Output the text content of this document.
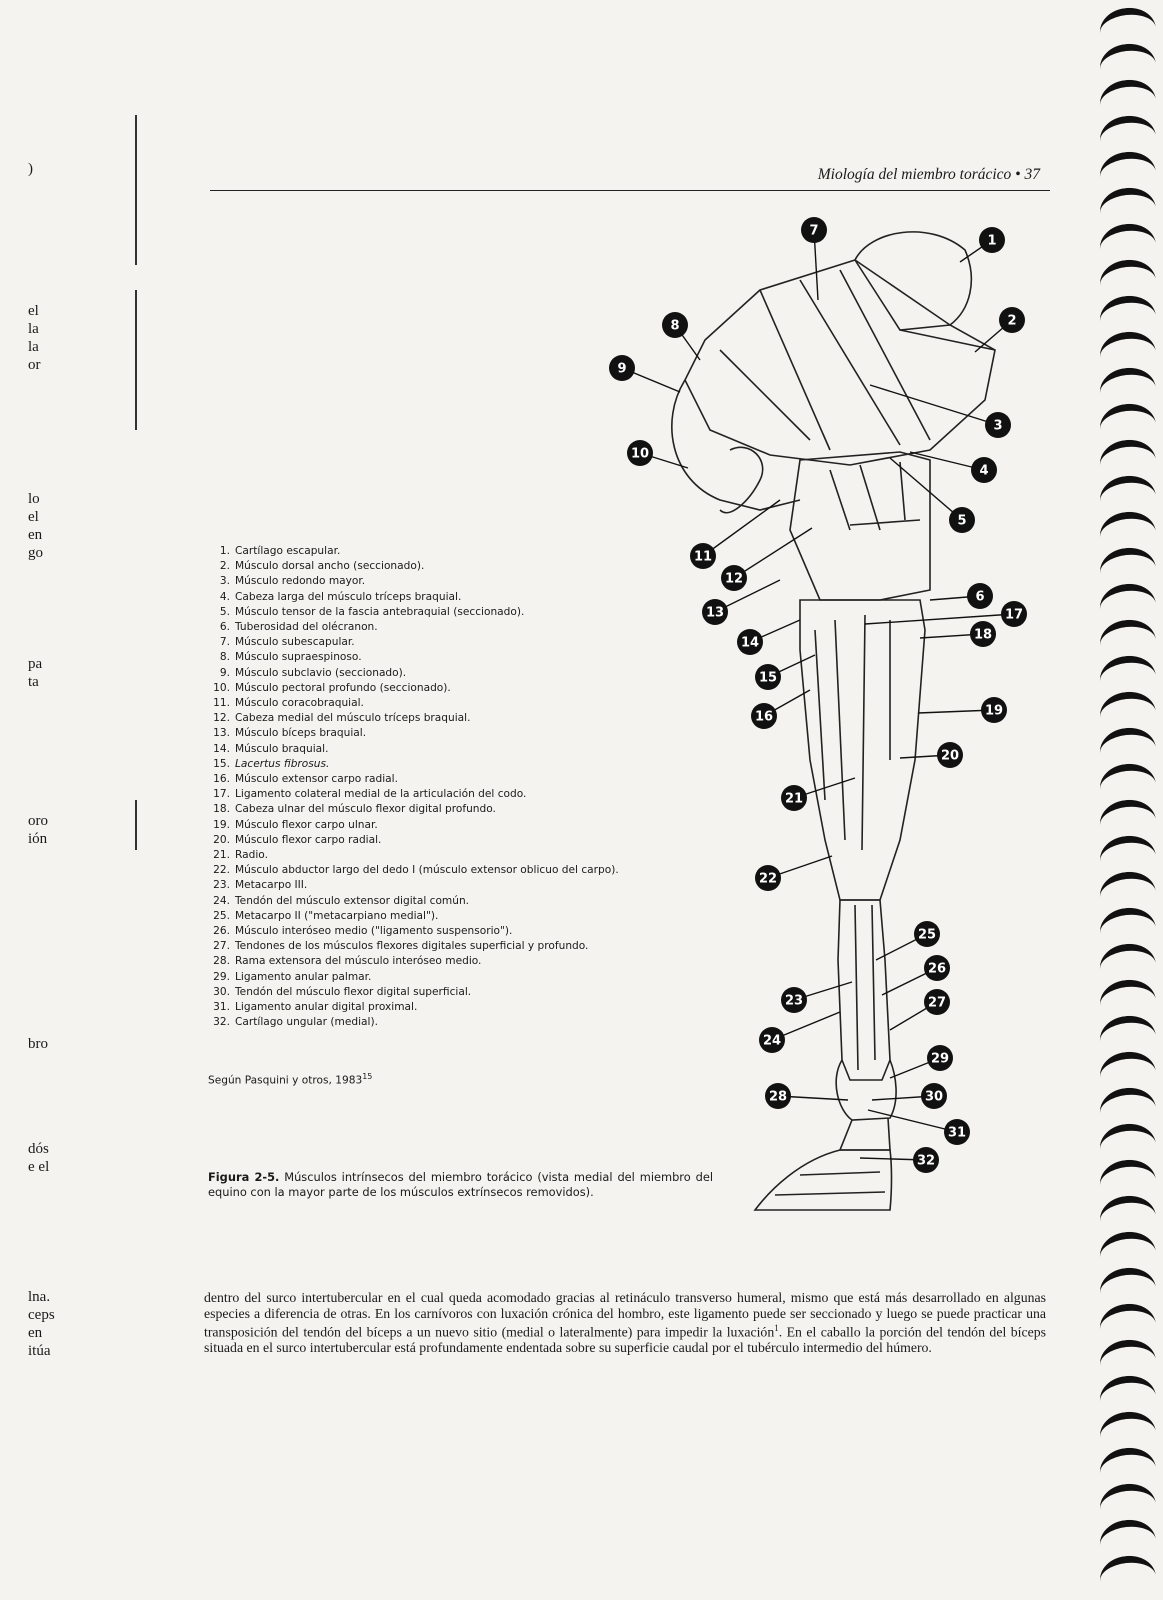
)
el
la
la
or
lo
el
en
go
pa
ta
oro
ión
bro
dós
e el
lna.
ceps
en
itúa
Miología del miembro torácico • 37
1
2
3
4
5
6
7
8
9
10
11
12
13
14
15
16
17
18
19
20
21
22
23
24
25
26
27
28
29
30
31
32
1. Cartílago escapular.
2. Músculo dorsal ancho (seccionado).
3. Músculo redondo mayor.
4. Cabeza larga del músculo tríceps braquial.
5. Músculo tensor de la fascia antebraquial (seccionado).
6. Tuberosidad del olécranon.
7. Músculo subescapular.
8. Músculo supraespinoso.
9. Músculo subclavio (seccionado).
10. Músculo pectoral profundo (seccionado).
11. Músculo coracobraquial.
12. Cabeza medial del músculo tríceps braquial.
13. Músculo bíceps braquial.
14. Músculo braquial.
15. Lacertus fibrosus.
16. Músculo extensor carpo radial.
17. Ligamento colateral medial de la articulación del codo.
18. Cabeza ulnar del músculo flexor digital profundo.
19. Músculo flexor carpo ulnar.
20. Músculo flexor carpo radial.
21. Radio.
22. Músculo abductor largo del dedo I (músculo extensor oblicuo del carpo).
23. Metacarpo III.
24. Tendón del músculo extensor digital común.
25. Metacarpo II ("metacarpiano medial").
26. Músculo interóseo medio ("ligamento suspensorio").
27. Tendones de los músculos flexores digitales superficial y profundo.
28. Rama extensora del músculo interóseo medio.
29. Ligamento anular palmar.
30. Tendón del músculo flexor digital superficial.
31. Ligamento anular digital proximal.
32. Cartílago ungular (medial).
Según Pasquini y otros, 1983$^{15}$
Figura 2-5. Músculos intrínsecos del miembro torácico (vista medial del miembro del equino con la mayor parte de los músculos extrínsecos removidos).
dentro del surco intertubercular en el cual queda acomodado gracias al retináculo transverso humeral, mismo que está más desarrollado en algunas especies a diferencia de otras. En los carnívoros con luxación crónica del hombro, este ligamento puede ser seccionado y luego se puede practicar una transposición del tendón del bíceps a un nuevo sitio (medial o lateralmente) para impedir la luxación$^1$. En el caballo la porción del tendón del bíceps situada en el surco intertubercular está profundamente endentada sobre su superficie caudal por el tubérculo intermedio del húmero.
